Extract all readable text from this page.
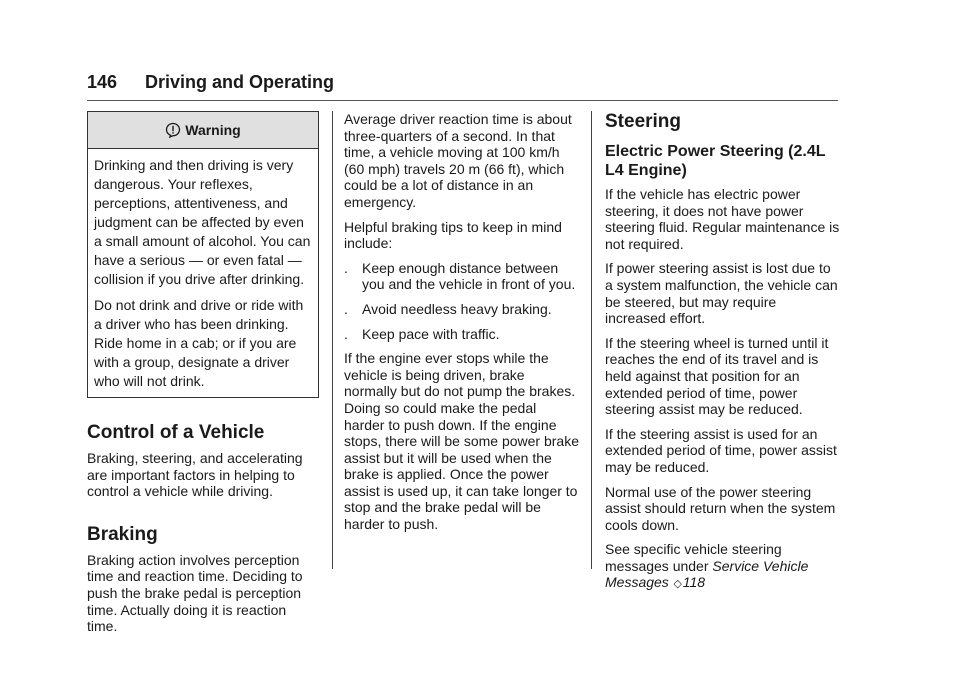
146 Driving and Operating
Warning

Drinking and then driving is very dangerous. Your reflexes, perceptions, attentiveness, and judgment can be affected by even a small amount of alcohol. You can have a serious — or even fatal — collision if you drive after drinking.

Do not drink and drive or ride with a driver who has been drinking. Ride home in a cab; or if you are with a group, designate a driver who will not drink.

Control of a Vehicle

Braking, steering, and accelerating are important factors in helping to control a vehicle while driving.

Braking

Braking action involves perception time and reaction time. Deciding to push the brake pedal is perception time. Actually doing it is reaction time.

Average driver reaction time is about three-quarters of a second. In that time, a vehicle moving at 100 km/h (60 mph) travels 20 m (66 ft), which could be a lot of distance in an emergency.

Helpful braking tips to keep in mind include:

.	Keep enough distance between you and the vehicle in front of you.
.	Avoid needless heavy braking.
.	Keep pace with traffic.

If the engine ever stops while the vehicle is being driven, brake normally but do not pump the brakes. Doing so could make the pedal harder to push down. If the engine stops, there will be some power brake assist but it will be used when the brake is applied. Once the power assist is used up, it can take longer to stop and the brake pedal will be harder to push.

Steering
Electric Power Steering (2.4L L4 Engine)

If the vehicle has electric power steering, it does not have power steering fluid. Regular maintenance is not required.

If power steering assist is lost due to a system malfunction, the vehicle can be steered, but may require increased effort.

If the steering wheel is turned until it reaches the end of its travel and is held against that position for an extended period of time, power steering assist may be reduced.

If the steering assist is used for an extended period of time, power assist may be reduced.

Normal use of the power steering assist should return when the system cools down.

See specific vehicle steering messages under Service Vehicle Messages ◇118
